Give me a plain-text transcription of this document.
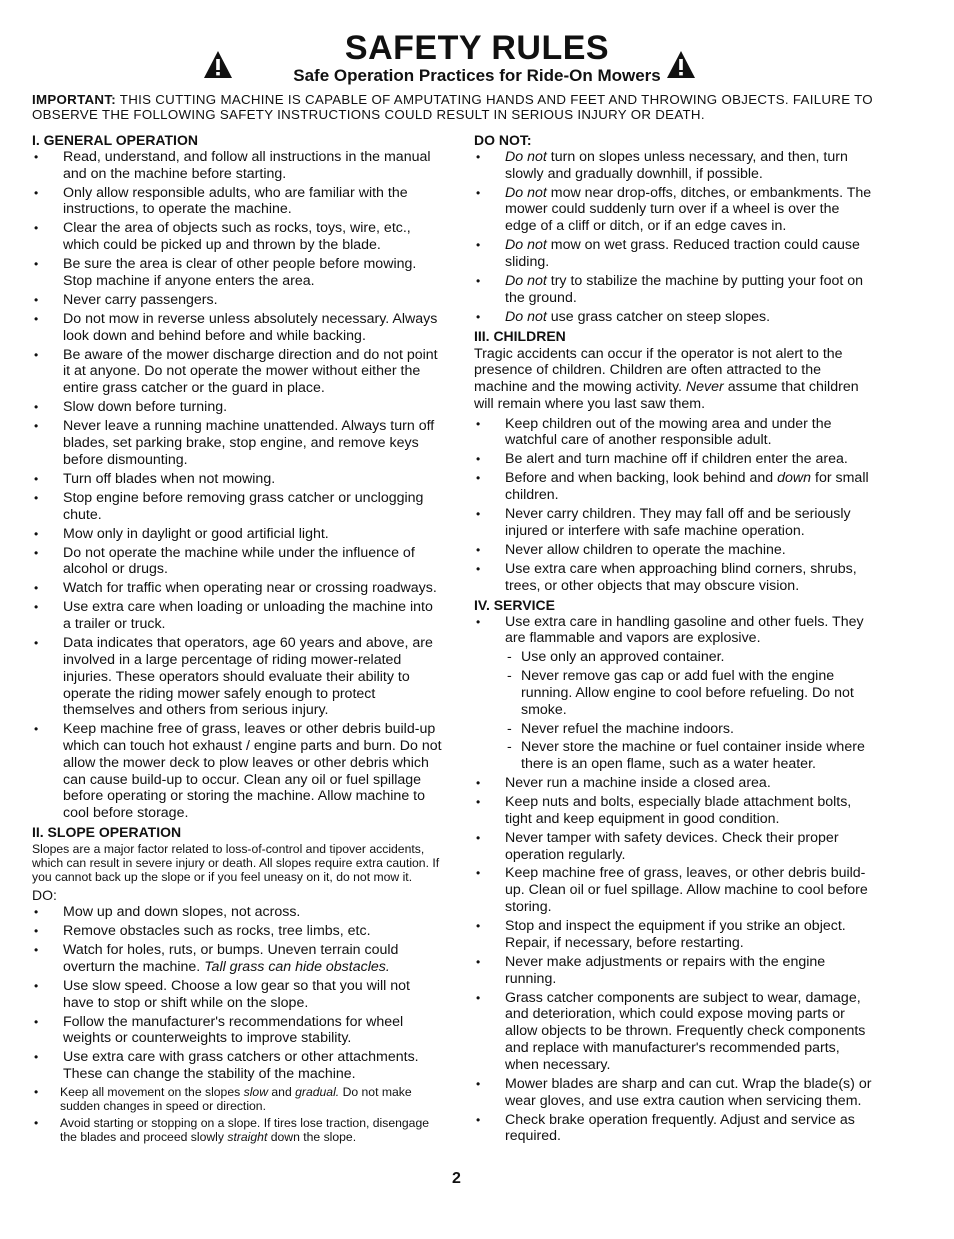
SAFETY RULES
Safe Operation Practices for Ride-On Mowers
IMPORTANT: THIS CUTTING MACHINE IS CAPABLE OF AMPUTATING HANDS AND FEET AND THROWING OBJECTS. FAILURE TO OBSERVE THE FOLLOWING SAFETY INSTRUCTIONS COULD RESULT IN SERIOUS INJURY OR DEATH.
I. GENERAL OPERATION
• Read, understand, and follow all instructions in the manual and on the machine before starting.
• Only allow responsible adults, who are familiar with the instructions, to operate the machine.
• Clear the area of objects such as rocks, toys, wire, etc., which could be picked up and thrown by the blade.
• Be sure the area is clear of other people before mowing. Stop machine if anyone enters the area.
• Never carry passengers.
• Do not mow in reverse unless absolutely necessary. Always look down and behind before and while backing.
• Be aware of the mower discharge direction and do not point it at anyone. Do not operate the mower without either the entire grass catcher or the guard in place.
• Slow down before turning.
• Never leave a running machine unattended. Always turn off blades, set parking brake, stop engine, and remove keys before dismounting.
• Turn off blades when not mowing.
• Stop engine before removing grass catcher or unclogging chute.
• Mow only in daylight or good artificial light.
• Do not operate the machine while under the influence of alcohol or drugs.
• Watch for traffic when operating near or crossing roadways.
• Use extra care when loading or unloading the machine into a trailer or truck.
• Data indicates that operators, age 60 years and above, are involved in a large percentage of riding mower-related injuries. These operators should evaluate their ability to operate the riding mower safely enough to protect themselves and others from serious injury.
• Keep machine free of grass, leaves or other debris build-up which can touch hot exhaust / engine parts and burn. Do not allow the mower deck to plow leaves or other debris which can cause build-up to occur. Clean any oil or fuel spillage before operating or storing the machine. Allow machine to cool before storage.
II. SLOPE OPERATION
Slopes are a major factor related to loss-of-control and tipover accidents, which can result in severe injury or death. All slopes require extra caution. If you cannot back up the slope or if you feel uneasy on it, do not mow it.
DO:
• Mow up and down slopes, not across.
• Remove obstacles such as rocks, tree limbs, etc.
• Watch for holes, ruts, or bumps. Uneven terrain could overturn the machine. Tall grass can hide obstacles.
• Use slow speed. Choose a low gear so that you will not have to stop or shift while on the slope.
• Follow the manufacturer's recommendations for wheel weights or counterweights to improve stability.
• Use extra care with grass catchers or other attachments. These can change the stability of the machine.
• Keep all movement on the slopes slow and gradual. Do not make sudden changes in speed or direction.
• Avoid starting or stopping on a slope. If tires lose traction, disengage the blades and proceed slowly straight down the slope.
DO NOT:
• Do not turn on slopes unless necessary, and then, turn slowly and gradually downhill, if possible.
• Do not mow near drop-offs, ditches, or embankments. The mower could suddenly turn over if a wheel is over the edge of a cliff or ditch, or if an edge caves in.
• Do not mow on wet grass. Reduced traction could cause sliding.
• Do not try to stabilize the machine by putting your foot on the ground.
• Do not use grass catcher on steep slopes.
III. CHILDREN
Tragic accidents can occur if the operator is not alert to the presence of children. Children are often attracted to the machine and the mowing activity. Never assume that children will remain where you last saw them.
• Keep children out of the mowing area and under the watchful care of another responsible adult.
• Be alert and turn machine off if children enter the area.
• Before and when backing, look behind and down for small children.
• Never carry children. They may fall off and be seriously injured or interfere with safe machine operation.
• Never allow children to operate the machine.
• Use extra care when approaching blind corners, shrubs, trees, or other objects that may obscure vision.
IV. SERVICE
• Use extra care in handling gasoline and other fuels. They are flammable and vapors are explosive.
- Use only an approved container.
- Never remove gas cap or add fuel with the engine running. Allow engine to cool before refueling. Do not smoke.
- Never refuel the machine indoors.
- Never store the machine or fuel container inside where there is an open flame, such as a water heater.
• Never run a machine inside a closed area.
• Keep nuts and bolts, especially blade attachment bolts, tight and keep equipment in good condition.
• Never tamper with safety devices. Check their proper operation regularly.
• Keep machine free of grass, leaves, or other debris build-up. Clean oil or fuel spillage. Allow machine to cool before storing.
• Stop and inspect the equipment if you strike an object. Repair, if necessary, before restarting.
• Never make adjustments or repairs with the engine running.
• Grass catcher components are subject to wear, damage, and deterioration, which could expose moving parts or allow objects to be thrown. Frequently check components and replace with manufacturer's recommended parts, when necessary.
• Mower blades are sharp and can cut. Wrap the blade(s) or wear gloves, and use extra caution when servicing them.
• Check brake operation frequently. Adjust and service as required.
2
